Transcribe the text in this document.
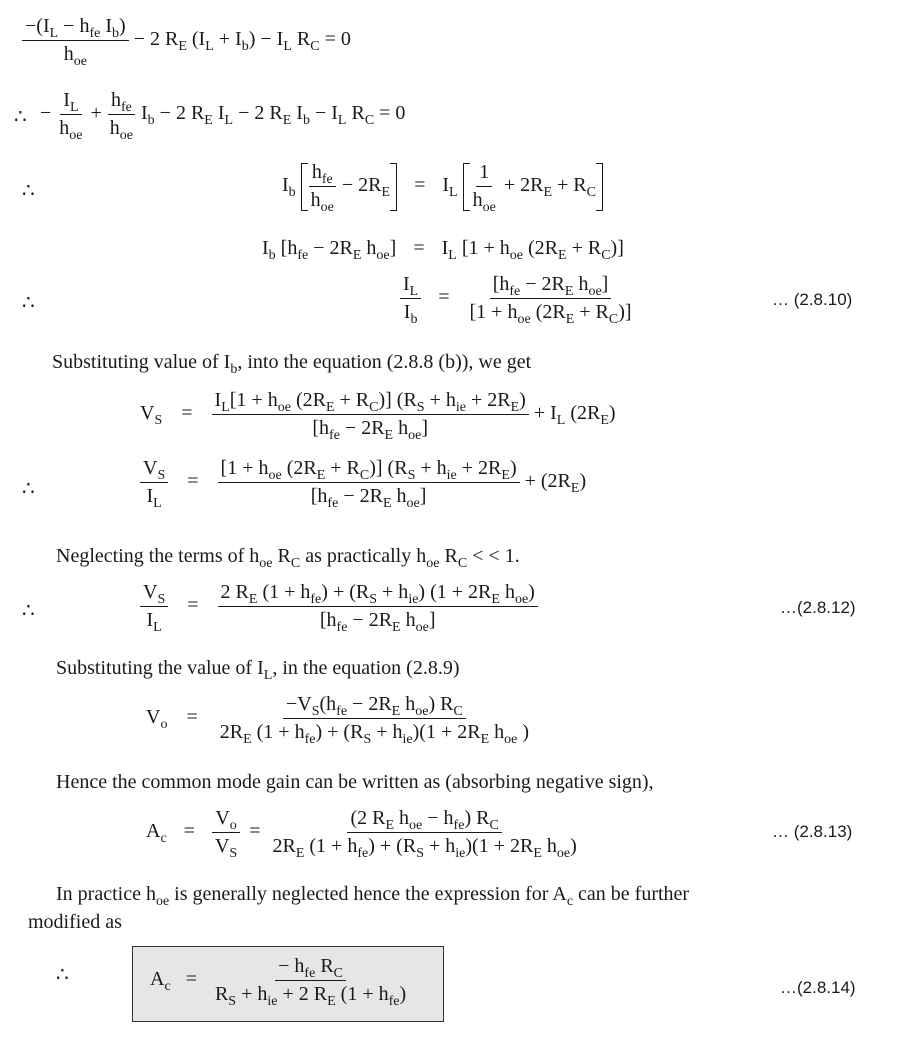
$\frac{-(I_L - h_{fe} I_b)}{h_{oe}} - 2$ $R_E$ $(I_L + I_b) - I_L$ $R_C = 0$
∴ − $\frac{I_L}{h_{oe}} + \frac{h_{fe}}{h_{oe}} I_b - 2$ $R_E$ $I_L - 2$ $R_E$ $I_b - I_L$ $R_C = 0$
∴	$I_b \frac{h_{fe}}{h_{oe}} - 2R_E = I_L \frac{1}{h_{oe}} + 2R_E + R_C$
$I_b$ [$h_{fe} - 2R_E$ $h_{oe}] = I_L$ [$1 + h_{oe}$ $(2R_E + R_C)$]
∴	$\frac{I_L}{I_b} = \frac{[h_{fe} - 2R_E h_{oe}]}{[1 + h_{oe} (2R_E + R_C)]}$	… (2.8.10)
Substituting value of $I_b$, into the equation (2.8.8 (b)), we get
$V_S = \frac{I_L[1 + h_{oe} (2R_E + R_C)] (R_S + h_{ie} + 2R_E)}{[h_{fe} - 2R_E h_{oe}]} + I_L$ $(2R_E)$
∴	$\frac{V_S}{I_L} = \frac{[1 + h_{oe} (2R_E + R_C)] (R_S + h_{ie} + 2R_E)}{[h_{fe} - 2R_E h_{oe}]} + (2R_E)$
Neglecting the terms of $h_{oe}$ $R_C$ as practically $h_{oe}$ $R_C$ < < 1.
∴	$\frac{V_S}{I_L} = \frac{2 R_E (1 + h_{fe}) + (R_S + h_{ie}) (1 + 2R_E h_{oe})}{[h_{fe} - 2R_E h_{oe}]}$	…(2.8.12)
Substituting the value of $I_L$, in the equation (2.8.9)
$V_o = \frac{-V_S(h_{fe} - 2R_E h_{oe}) R_C}{2R_E (1 + h_{fe}) + (R_S + h_{ie})(1 + 2R_E h_{oe} )}$
Hence the common mode gain can be written as (absorbing negative sign),
$A_c = \frac{V_o}{V_S} = \frac{(2 R_E h_{oe} - h_{fe}) R_C}{2R_E (1 + h_{fe}) + (R_S + h_{ie})(1 + 2R_E h_{oe})}$	… (2.8.13)
In practice $h_{oe}$ is generally neglected hence the expression for $A_c$ can be further
modified as
∴	$A_c = \frac{- h_{fe} R_C}{R_S + h_{ie} + 2 R_E (1 + h_{fe})}$	…(2.8.14)
